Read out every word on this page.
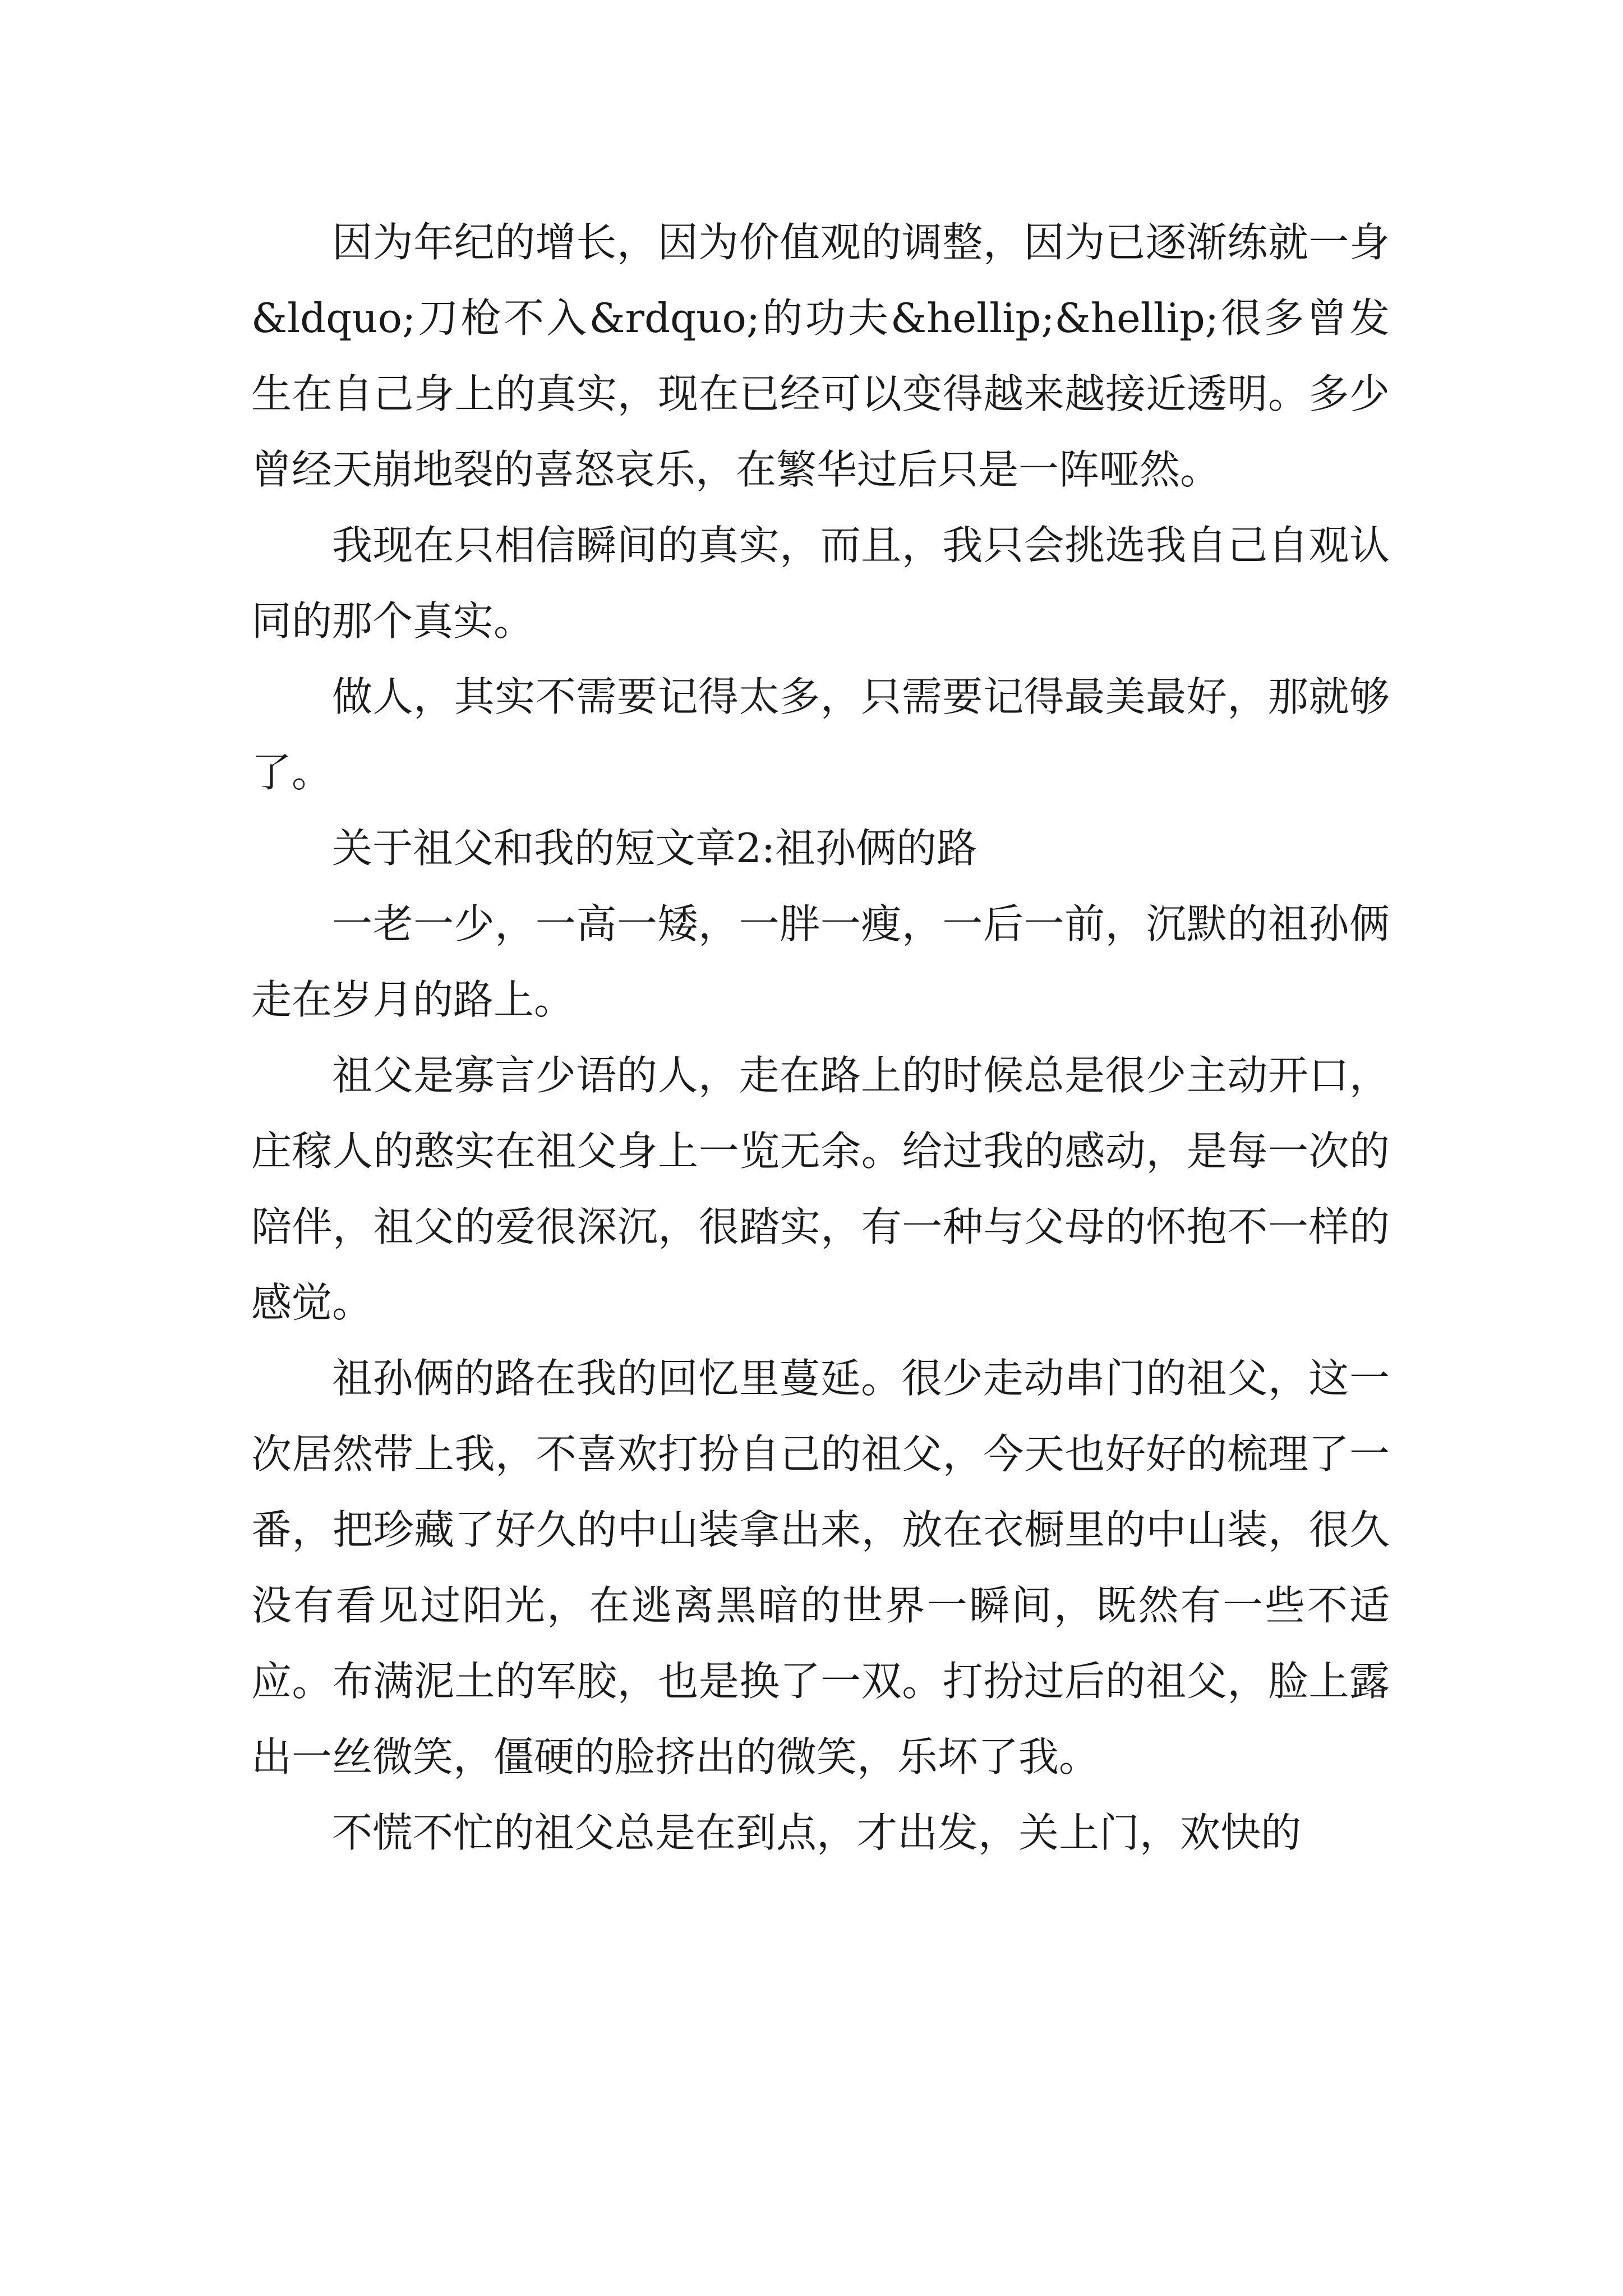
因为年纪的增长，因为价值观的调整，因为已逐渐练就一身&ldquo;刀枪不入&rdquo;的功夫&hellip;&hellip;很多曾发生在自己身上的真实，现在已经可以变得越来越接近透明。多少曾经天崩地裂的喜怒哀乐，在繁华过后只是一阵哑然。

我现在只相信瞬间的真实，而且，我只会挑选我自己自观认同的那个真实。

做人，其实不需要记得太多，只需要记得最美最好，那就够了。

关于祖父和我的短文章2:祖孙俩的路

一老一少，一高一矮，一胖一瘦，一后一前，沉默的祖孙俩走在岁月的路上。

祖父是寡言少语的人，走在路上的时候总是很少主动开口，庄稼人的憨实在祖父身上一览无余。给过我的感动，是每一次的陪伴，祖父的爱很深沉，很踏实，有一种与父母的怀抱不一样的感觉。

祖孙俩的路在我的回忆里蔓延。很少走动串门的祖父，这一次居然带上我，不喜欢打扮自己的祖父，今天也好好的梳理了一番，把珍藏了好久的中山装拿出来，放在衣橱里的中山装，很久没有看见过阳光，在逃离黑暗的世界一瞬间，既然有一些不适应。布满泥土的军胶，也是换了一双。打扮过后的祖父，脸上露出一丝微笑，僵硬的脸挤出的微笑，乐坏了我。

不慌不忙的祖父总是在到点，才出发，关上门，欢快的
